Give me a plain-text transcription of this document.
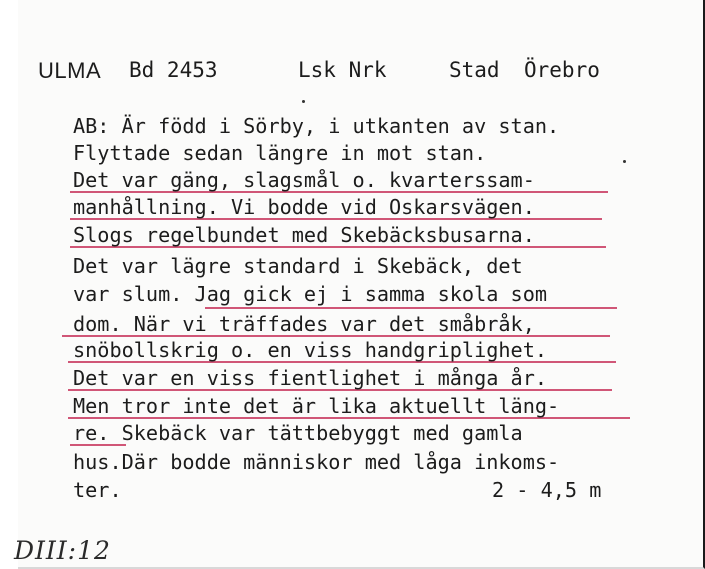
ULMA Bd 2453	Lsk Nrk	Stad Örebro
AB: Är född i Sörby, i utkanten av stan.
Flyttade sedan längre in mot stan.
Det var gäng, slagsmål o. kvarterssam-
manhållning. Vi bodde vid Oskarsvägen.
Slogs regelbundet med Skebäcksbusarna.
Det var lägre standard i Skebäck, det
var slum. Jag gick ej i samma skola som
dom. När vi träffades var det småbråk,
snöbollskrig o. en viss handgriplighet.
Det var en viss fientlighet i många år.
Men tror inte det är lika aktuellt läng-
re. Skebäck var tättbebyggt med gamla
hus.Där bodde människor med låga inkoms-
ter.	2 - 4,5 m
DIII:12
